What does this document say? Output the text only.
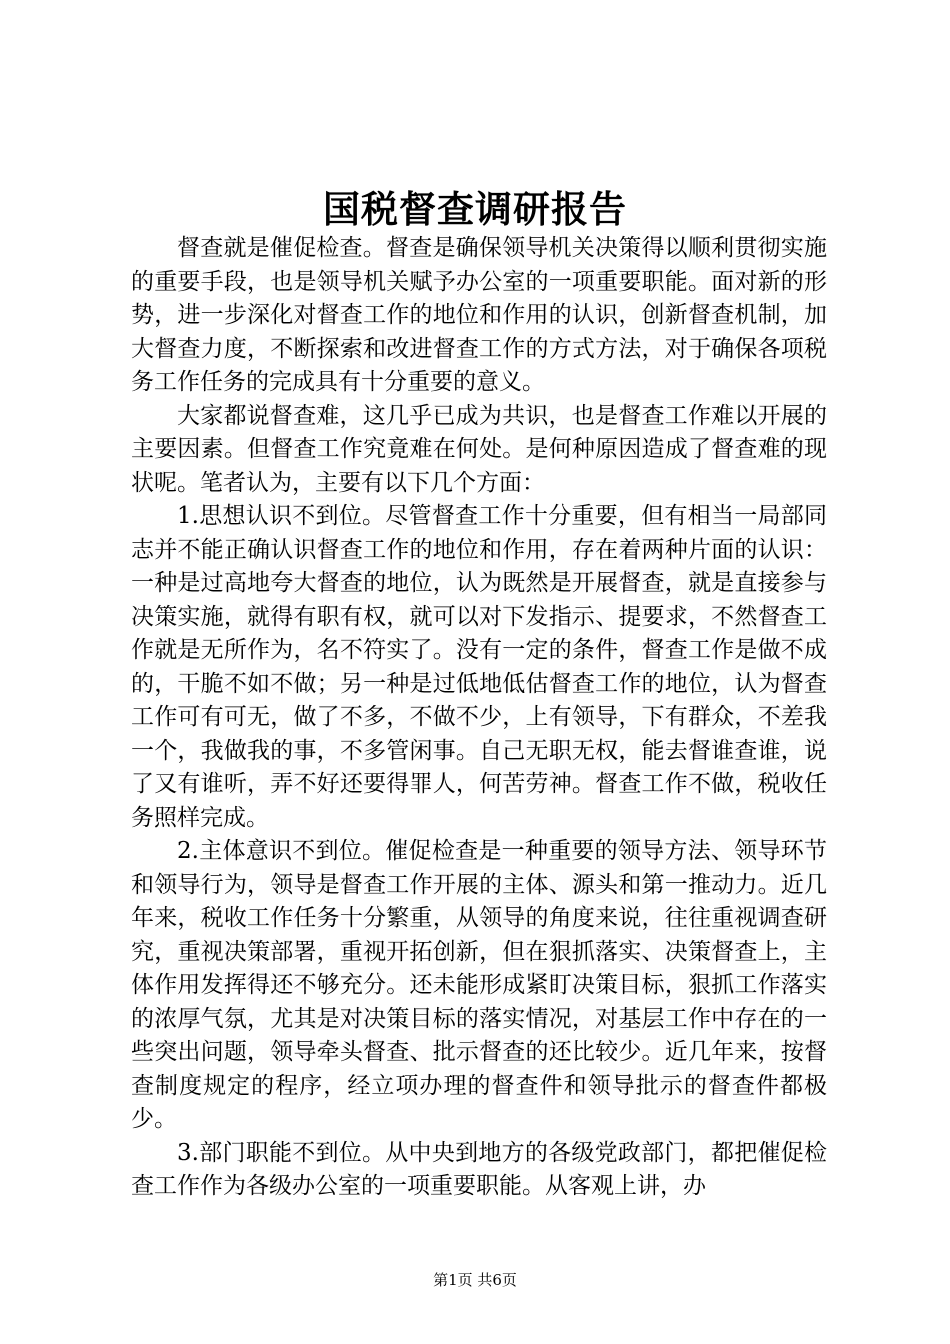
国税督查调研报告

督查就是催促检查。督查是确保领导机关决策得以顺利贯彻实施的重要手段，也是领导机关赋予办公室的一项重要职能。面对新的形势，进一步深化对督查工作的地位和作用的认识，创新督查机制，加大督查力度，不断探索和改进督查工作的方式方法，对于确保各项税务工作任务的完成具有十分重要的意义。

大家都说督查难，这几乎已成为共识，也是督查工作难以开展的主要因素。但督查工作究竟难在何处。是何种原因造成了督查难的现状呢。笔者认为，主要有以下几个方面：

1.思想认识不到位。尽管督查工作十分重要，但有相当一局部同志并不能正确认识督查工作的地位和作用，存在着两种片面的认识：一种是过高地夸大督查的地位，认为既然是开展督查，就是直接参与决策实施，就得有职有权，就可以对下发指示、提要求，不然督查工作就是无所作为，名不符实了。没有一定的条件，督查工作是做不成的，干脆不如不做；另一种是过低地低估督查工作的地位，认为督查工作可有可无，做了不多，不做不少，上有领导，下有群众，不差我一个，我做我的事，不多管闲事。自己无职无权，能去督谁查谁，说了又有谁听，弄不好还要得罪人，何苦劳神。督查工作不做，税收任务照样完成。

2.主体意识不到位。催促检查是一种重要的领导方法、领导环节和领导行为，领导是督查工作开展的主体、源头和第一推动力。近几年来，税收工作任务十分繁重，从领导的角度来说，往往重视调查研究，重视决策部署，重视开拓创新，但在狠抓落实、决策督查上，主体作用发挥得还不够充分。还未能形成紧盯决策目标，狠抓工作落实的浓厚气氛，尤其是对决策目标的落实情况，对基层工作中存在的一些突出问题，领导牵头督查、批示督查的还比较少。近几年来，按督查制度规定的程序，经立项办理的督查件和领导批示的督查件都极少。

3.部门职能不到位。从中央到地方的各级党政部门，都把催促检查工作作为各级办公室的一项重要职能。从客观上讲，办

第1页 共6页
